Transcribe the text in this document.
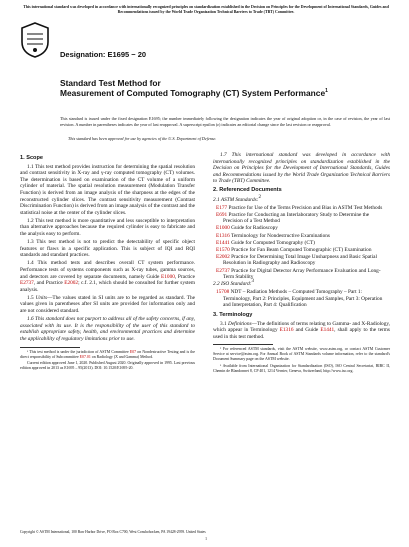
This international standard was developed in accordance with internationally recognized principles on standardization established in the Decision on Principles for the Development of International Standards, Guides and Recommendations issued by the World Trade Organization Technical Barriers to Trade (TBT) Committee.
Designation: E1695 − 20
Standard Test Method for
Measurement of Computed Tomography (CT) System Performance$^1$
This standard is issued under the fixed designation E1695; the number immediately following the designation indicates the year of original adoption or, in the case of revision, the year of last revision. A number in parentheses indicates the year of last reapproval. A superscript epsilon (ε) indicates an editorial change since the last revision or reapproval.
This standard has been approved for use by agencies of the U.S. Department of Defense.
1. Scope

1.1 This test method provides instruction for determining the spatial resolution and contrast sensitivity in X-ray and γ-ray computed tomography (CT) volumes. The determination is based on examination of the CT volume of a uniform cylinder of material. The spatial resolution measurement (Modulation Transfer Function) is derived from an image analysis of the sharpness at the edges of the reconstructed cylinder slices. The contrast sensitivity measurement (Contrast Discrimination Function) is derived from an image analysis of the contrast and the statistical noise at the center of the cylinder slices.

1.2 This test method is more quantitative and less susceptible to interpretation than alternative approaches because the required cylinder is easy to fabricate and the analysis easy to perform.

1.3 This test method is not to predict the detectability of specific object features or flaws in a specific application. This is subject of IQI and RQI standards and standard practices.

1.4 This method tests and describes overall CT system performance. Performance tests of systems components such as X-ray tubes, gamma sources, and detectors are covered by separate documents, namely Guide E1000, Practice E2737, and Practice E2002; c.f. 2.1, which should be consulted for further system analysis.

1.5 Units—The values stated in SI units are to be regarded as standard. The values given in parentheses after SI units are provided for information only and are not considered standard.

1.6 This standard does not purport to address all of the safety concerns, if any, associated with its use. It is the responsibility of the user of this standard to establish appropriate safety, health, and environmental practices and determine the applicability of regulatory limitations prior to use.

¹ This test method is under the jurisdiction of ASTM Committee E07 on Nondestructive Testing and is the direct responsibility of Subcommittee E07.01 on Radiology (X and Gamma) Method.

Current edition approved June 1, 2020. Published August 2020. Originally approved in 1995. Last previous edition approved in 2013 as E1695 – 95(2013). DOI: 10.1520/E1695-20.

1.7 This international standard was developed in accordance with internationally recognized principles on standardization established in the Decision on Principles for the Development of International Standards, Guides and Recommendations issued by the World Trade Organization Technical Barriers to Trade (TBT) Committee.

2. Referenced Documents

2.1 ASTM Standards:2

E177 Practice for Use of the Terms Precision and Bias in ASTM Test Methods
E691 Practice for Conducting an Interlaboratory Study to Determine the Precision of a Test Method
E1000 Guide for Radioscopy
E1316 Terminology for Nondestructive Examinations
E1441 Guide for Computed Tomography (CT)
E1570 Practice for Fan Beam Computed Tomographic (CT) Examination
E2002 Practice for Determining Total Image Unsharpness and Basic Spatial Resolution in Radiography and Radioscopy
E2737 Practice for Digital Detector Array Performance Evaluation and Long-Term Stability

2.2 ISO Standard:3

15708 NDT – Radiation Methods – Computed Tomography – Part 1: Terminology, Part 2: Principles, Equipment and Samples, Part 3: Operation and Interpretation, Part 4: Qualification
3. Terminology

3.1 Definitions—The definitions of terms relating to Gamma- and X-Radiology, which appear in Terminology E1316 and Guide E1441, shall apply to the terms used in this test method.

² For referenced ASTM standards, visit the ASTM website, www.astm.org, or contact ASTM Customer Service at service@astm.org. For Annual Book of ASTM Standards volume information, refer to the standard's Document Summary page on the ASTM website.

³ Available from International Organization for Standardization (ISO), ISO Central Secretariat, BIBC II, Chemin de Blandonnet 8, CP 401, 1214 Vernier, Geneva, Switzerland, http://www.iso.org.

Copyright © ASTM International, 100 Barr Harbor Drive, PO Box C700, West Conshohocken, PA 19428-2959. United States
1
